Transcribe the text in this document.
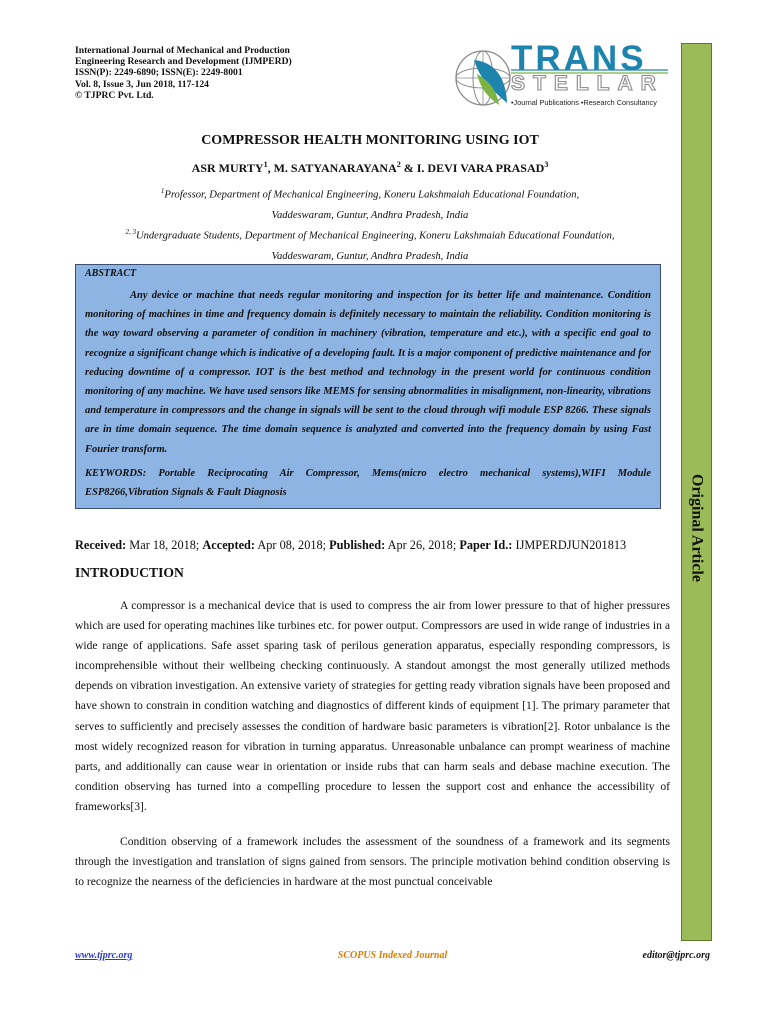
International Journal of Mechanical and Production
Engineering Research and Development (IJMPERD)
ISSN(P): 2249-6890; ISSN(E): 2249-8001
Vol. 8, Issue 3, Jun 2018, 117-124
© TJPRC Pvt. Ltd.
TRANS
STELLAR
•Journal Publications •Research Consultancy
Original Article
COMPRESSOR HEALTH MONITORING USING IOT
ASR MURTY$^1$, M. SATYANARAYANA$^2$ & I. DEVI VARA PRASAD$^3$
$^1$Professor, Department of Mechanical Engineering, Koneru Lakshmaiah Educational Foundation,
Vaddeswaram, Guntur, Andhra Pradesh, India
$^{2, 3}$Undergraduate Students, Department of Mechanical Engineering, Koneru Lakshmaiah Educational Foundation,
Vaddeswaram, Guntur, Andhra Pradesh, India
ABSTRACT

Any device or machine that needs regular monitoring and inspection for its better life and maintenance. Condition monitoring of machines in time and frequency domain is definitely necessary to maintain the reliability. Condition monitoring is the way toward observing a parameter of condition in machinery (vibration, temperature and etc.), with a specific end goal to recognize a significant change which is indicative of a developing fault. It is a major component of predictive maintenance and for reducing downtime of a compressor. IOT is the best method and technology in the present world for continuous condition monitoring of any machine. We have used sensors like MEMS for sensing abnormalities in misalignment, non-linearity, vibrations and temperature in compressors and the change in signals will be sent to the cloud through wifi module ESP 8266. These signals are in time domain sequence. The time domain sequence is analyzted and converted into the frequency domain by using Fast Fourier transform.

KEYWORDS: Portable Reciprocating Air Compressor, Mems(micro electro mechanical systems),WIFI Module ESP8266,Vibration Signals & Fault Diagnosis

Received: Mar 18, 2018; Accepted: Apr 08, 2018; Published: Apr 26, 2018; Paper Id.: IJMPERDJUN201813
INTRODUCTION

A compressor is a mechanical device that is used to compress the air from lower pressure to that of higher pressures which are used for operating machines like turbines etc. for power output. Compressors are used in wide range of industries in a wide range of applications. Safe asset sparing task of perilous generation apparatus, especially responding compressors, is incomprehensible without their wellbeing checking continuously. A standout amongst the most generally utilized methods depends on vibration investigation. An extensive variety of strategies for getting ready vibration signals have been proposed and have shown to constrain in condition watching and diagnostics of different kinds of equipment [1]. The primary parameter that serves to sufficiently and precisely assesses the condition of hardware basic parameters is vibration[2]. Rotor unbalance is the most widely recognized reason for vibration in turning apparatus. Unreasonable unbalance can prompt weariness of machine parts, and additionally can cause wear in orientation or inside rubs that can harm seals and debase machine execution. The condition observing has turned into a compelling procedure to lessen the support cost and enhance the accessibility of frameworks[3].

Condition observing of a framework includes the assessment of the soundness of a framework and its segments through the investigation and translation of signs gained from sensors. The principle motivation behind condition observing is to recognize the nearness of the deficiencies in hardware at the most punctual conceivable

SCOPUS Indexed Journal
www.tjprc.org	editor@tjprc.org
